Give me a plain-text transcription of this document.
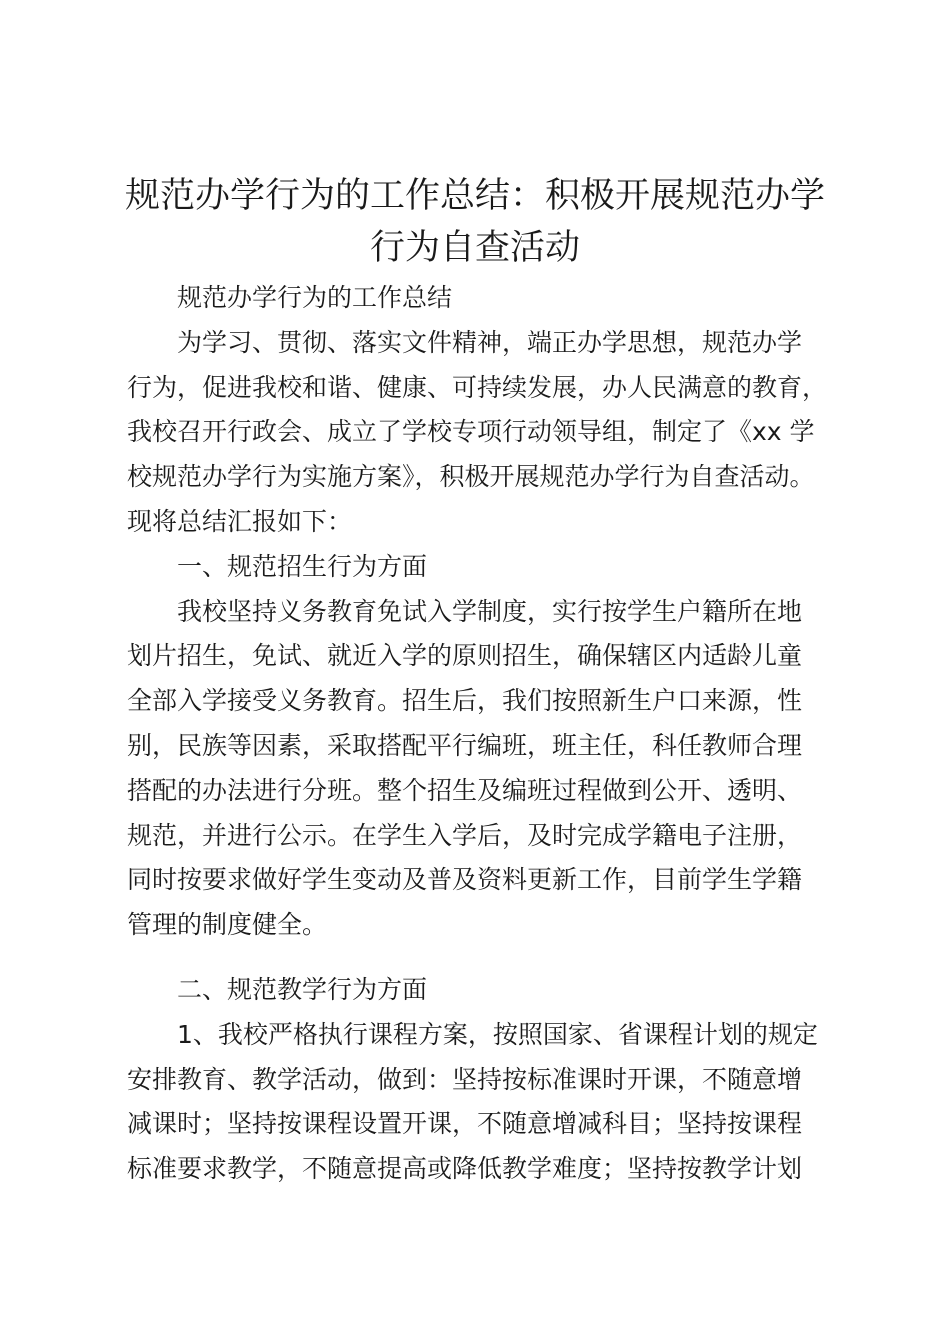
规范办学行为的工作总结：积极开展规范办学
行为自查活动

规范办学行为的工作总结

为学习、贯彻、落实文件精神，端正办学思想，规范办学

行为，促进我校和谐、健康、可持续发展，办人民满意的教育，

我校召开行政会、成立了学校专项行动领导组，制定了《xx 学

校规范办学行为实施方案》，积极开展规范办学行为自查活动。

现将总结汇报如下：

一、规范招生行为方面

我校坚持义务教育免试入学制度，实行按学生户籍所在地

划片招生，免试、就近入学的原则招生，确保辖区内适龄儿童

全部入学接受义务教育。招生后，我们按照新生户口来源，性

别，民族等因素，采取搭配平行编班，班主任，科任教师合理

搭配的办法进行分班。整个招生及编班过程做到公开、透明、

规范，并进行公示。在学生入学后，及时完成学籍电子注册，

同时按要求做好学生变动及普及资料更新工作，目前学生学籍

管理的制度健全。

二、规范教学行为方面

1、我校严格执行课程方案，按照国家、省课程计划的规定

安排教育、教学活动，做到：坚持按标准课时开课，不随意增

减课时；坚持按课程设置开课，不随意增减科目；坚持按课程

标准要求教学，不随意提高或降低教学难度；坚持按教学计划
